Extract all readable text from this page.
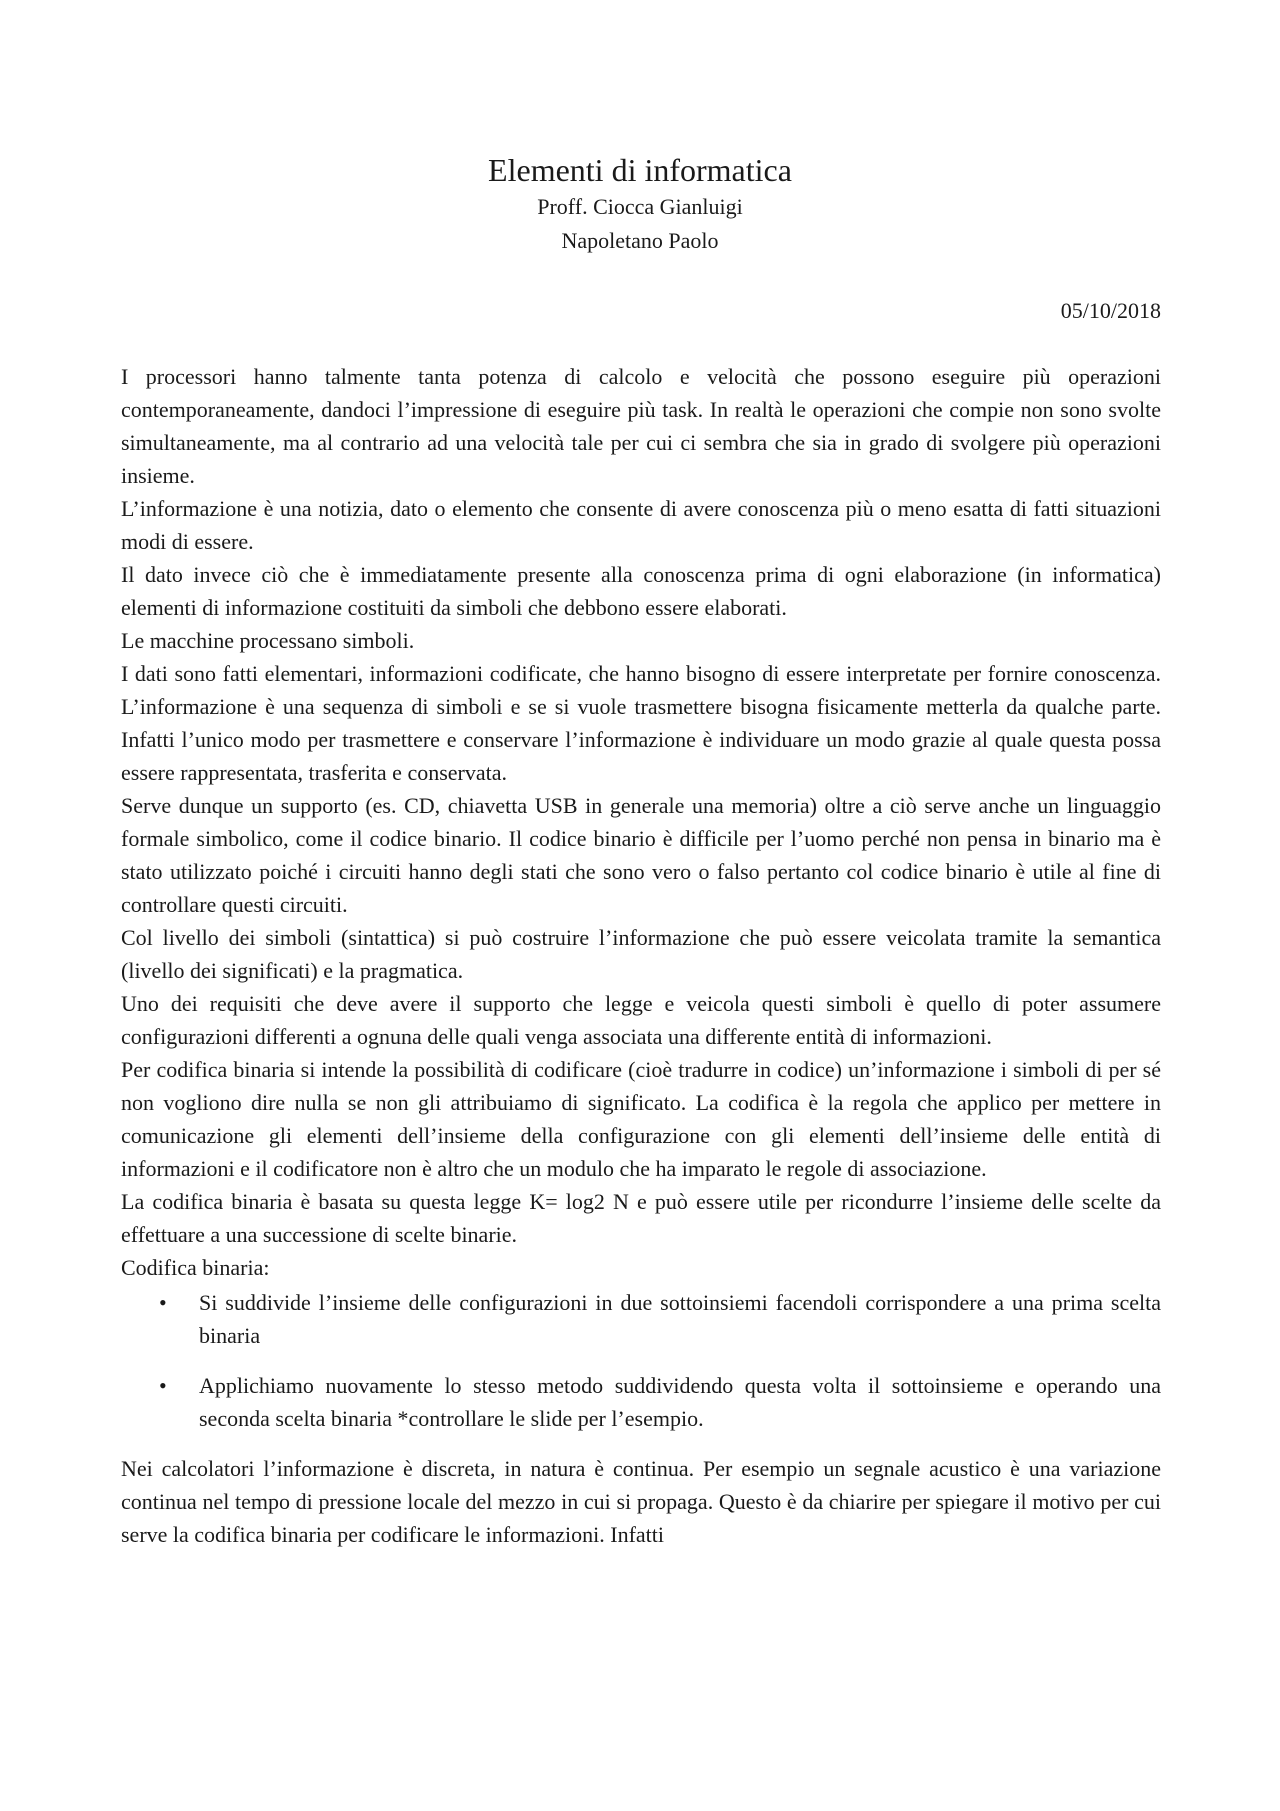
Elementi di informatica
Proff. Ciocca Gianluigi
Napoletano Paolo
05/10/2018

I processori hanno talmente tanta potenza di calcolo e velocità che possono eseguire più operazioni contemporaneamente, dandoci l’impressione di eseguire più task. In realtà le operazioni che compie non sono svolte simultaneamente, ma al contrario ad una velocità tale per cui ci sembra che sia in grado di svolgere più operazioni insieme.

L’informazione è una notizia, dato o elemento che consente di avere conoscenza più o meno esatta di fatti situazioni modi di essere.

Il dato invece ciò che è immediatamente presente alla conoscenza prima di ogni elaborazione (in informatica) elementi di informazione costituiti da simboli che debbono essere elaborati.

Le macchine processano simboli.

I dati sono fatti elementari, informazioni codificate, che hanno bisogno di essere interpretate per fornire conoscenza. L’informazione è una sequenza di simboli e se si vuole trasmettere bisogna fisicamente metterla da qualche parte. Infatti l’unico modo per trasmettere e conservare l’informazione è individuare un modo grazie al quale questa possa essere rappresentata, trasferita e conservata.

Serve dunque un supporto (es. CD, chiavetta USB in generale una memoria) oltre a ciò serve anche un linguaggio formale simbolico, come il codice binario. Il codice binario è difficile per l’uomo perché non pensa in binario ma è stato utilizzato poiché i circuiti hanno degli stati che sono vero o falso pertanto col codice binario è utile al fine di controllare questi circuiti.

Col livello dei simboli (sintattica) si può costruire l’informazione che può essere veicolata tramite la semantica (livello dei significati) e la pragmatica.

Uno dei requisiti che deve avere il supporto che legge e veicola questi simboli è quello di poter assumere configurazioni differenti a ognuna delle quali venga associata una differente entità di informazioni.

Per codifica binaria si intende la possibilità di codificare (cioè tradurre in codice) un’informazione i simboli di per sé non vogliono dire nulla se non gli attribuiamo di significato. La codifica è la regola che applico per mettere in comunicazione gli elementi dell’insieme della configurazione con gli elementi dell’insieme delle entità di informazioni e il codificatore non è altro che un modulo che ha imparato le regole di associazione.

La codifica binaria è basata su questa legge K= log2 N e può essere utile per ricondurre l’insieme delle scelte da effettuare a una successione di scelte binarie.

Codifica binaria:

• Si suddivide l’insieme delle configurazioni in due sottoinsiemi facendoli corrispondere a una prima scelta binaria
• Applichiamo nuovamente lo stesso metodo suddividendo questa volta il sottoinsieme e operando una seconda scelta binaria *controllare le slide per l’esempio.

Nei calcolatori l’informazione è discreta, in natura è continua. Per esempio un segnale acustico è una variazione continua nel tempo di pressione locale del mezzo in cui si propaga. Questo è da chiarire per spiegare il motivo per cui serve la codifica binaria per codificare le informazioni. Infatti
